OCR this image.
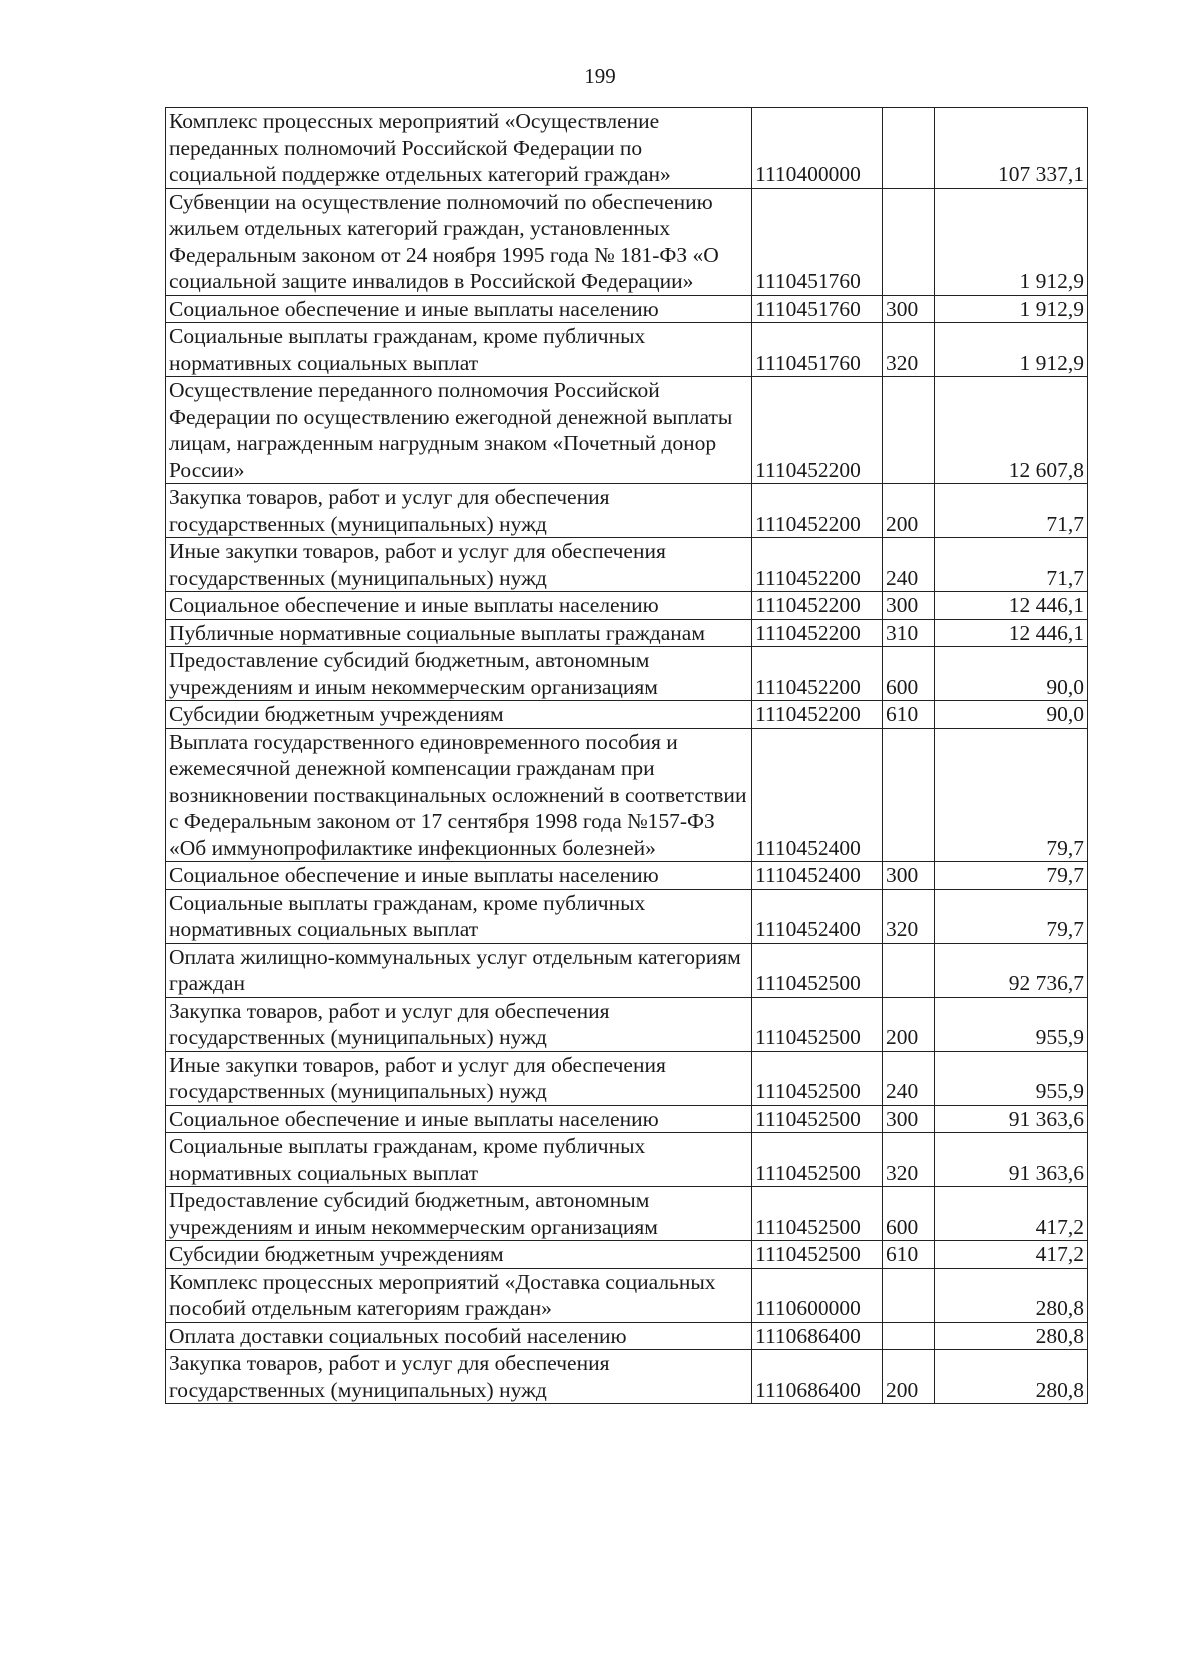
199
Комплекс процессных мероприятий «Осуществление переданных полномочий Российской Федерации по социальной поддержке отдельных категорий граждан»	1110400000		107 337,1
Субвенции на осуществление полномочий по обеспечению жильем отдельных категорий граждан, установленных Федеральным законом от 24 ноября 1995 года № 181-ФЗ «О социальной защите инвалидов в Российской Федерации»	1110451760		1 912,9
Социальное обеспечение и иные выплаты населению	1110451760	300	1 912,9
Социальные выплаты гражданам, кроме публичных нормативных социальных выплат	1110451760	320	1 912,9
Осуществление переданного полномочия Российской Федерации по осуществлению ежегодной денежной выплаты лицам, награжденным нагрудным знаком «Почетный донор России»	1110452200		12 607,8
Закупка товаров, работ и услуг для обеспечения государственных (муниципальных) нужд	1110452200	200	71,7
Иные закупки товаров, работ и услуг для обеспечения государственных (муниципальных) нужд	1110452200	240	71,7
Социальное обеспечение и иные выплаты населению	1110452200	300	12 446,1
Публичные нормативные социальные выплаты гражданам	1110452200	310	12 446,1
Предоставление субсидий бюджетным, автономным учреждениям и иным некоммерческим организациям	1110452200	600	90,0
Субсидии бюджетным учреждениям	1110452200	610	90,0
Выплата государственного единовременного пособия и ежемесячной денежной компенсации гражданам при возникновении поствакцинальных осложнений в соответствии с Федеральным законом от 17 сентября 1998 года №157-ФЗ «Об иммунопрофилактике инфекционных болезней»	1110452400		79,7
Социальное обеспечение и иные выплаты населению	1110452400	300	79,7
Социальные выплаты гражданам, кроме публичных нормативных социальных выплат	1110452400	320	79,7
Оплата жилищно-коммунальных услуг отдельным категориям граждан	1110452500		92 736,7
Закупка товаров, работ и услуг для обеспечения государственных (муниципальных) нужд	1110452500	200	955,9
Иные закупки товаров, работ и услуг для обеспечения государственных (муниципальных) нужд	1110452500	240	955,9
Социальное обеспечение и иные выплаты населению	1110452500	300	91 363,6
Социальные выплаты гражданам, кроме публичных нормативных социальных выплат	1110452500	320	91 363,6
Предоставление субсидий бюджетным, автономным учреждениям и иным некоммерческим организациям	1110452500	600	417,2
Субсидии бюджетным учреждениям	1110452500	610	417,2
Комплекс процессных мероприятий «Доставка социальных пособий отдельным категориям граждан»	1110600000		280,8
Оплата доставки социальных пособий населению	1110686400		280,8
Закупка товаров, работ и услуг для обеспечения государственных (муниципальных) нужд	1110686400	200	280,8
